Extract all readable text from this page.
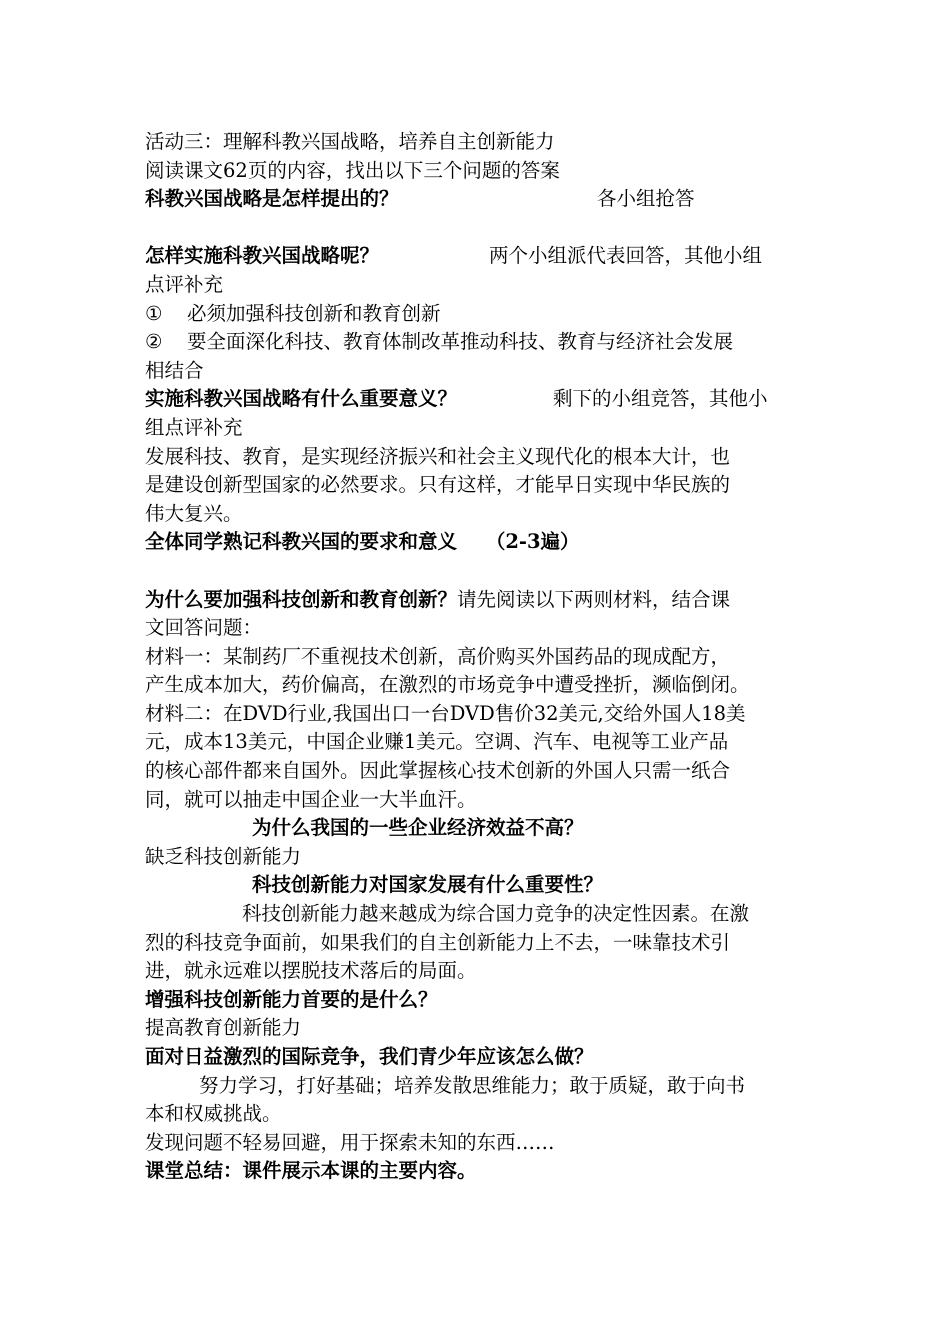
活动三：理解科教兴国战略，培养自主创新能力
阅读课文62页的内容，找出以下三个问题的答案
科教兴国战略是怎样提出的？	各小组抢答
怎样实施科教兴国战略呢？	两个小组派代表回答，其他小组
点评补充
① 必须加强科技创新和教育创新
② 要全面深化科技、教育体制改革推动科技、教育与经济社会发展
相结合
实施科教兴国战略有什么重要意义？	剩下的小组竞答，其他小
组点评补充
发展科技、教育，是实现经济振兴和社会主义现代化的根本大计，也
是建设创新型国家的必然要求。只有这样，才能早日实现中华民族的
伟大复兴。
全体同学熟记科教兴国的要求和意义 （2-3遍）
为什么要加强科技创新和教育创新？请先阅读以下两则材料，结合课
文回答问题：
材料一：某制药厂不重视技术创新，高价购买外国药品的现成配方，
产生成本加大，药价偏高，在激烈的市场竞争中遭受挫折，濒临倒闭。
材料二：在DVD行业,我国出口一台DVD售价32美元,交给外国人18美
元，成本13美元，中国企业赚1美元。空调、汽车、电视等工业产品
的核心部件都来自国外。因此掌握核心技术创新的外国人只需一纸合
同，就可以抽走中国企业一大半血汗。
为什么我国的一些企业经济效益不高？
缺乏科技创新能力
科技创新能力对国家发展有什么重要性？
科技创新能力越来越成为综合国力竞争的决定性因素。在激
烈的科技竞争面前，如果我们的自主创新能力上不去，一味靠技术引
进，就永远难以摆脱技术落后的局面。
增强科技创新能力首要的是什么？
提高教育创新能力
面对日益激烈的国际竞争，我们青少年应该怎么做？
努力学习，打好基础；培养发散思维能力；敢于质疑，敢于向书
本和权威挑战。
发现问题不轻易回避，用于探索未知的东西……
课堂总结：课件展示本课的主要内容。
